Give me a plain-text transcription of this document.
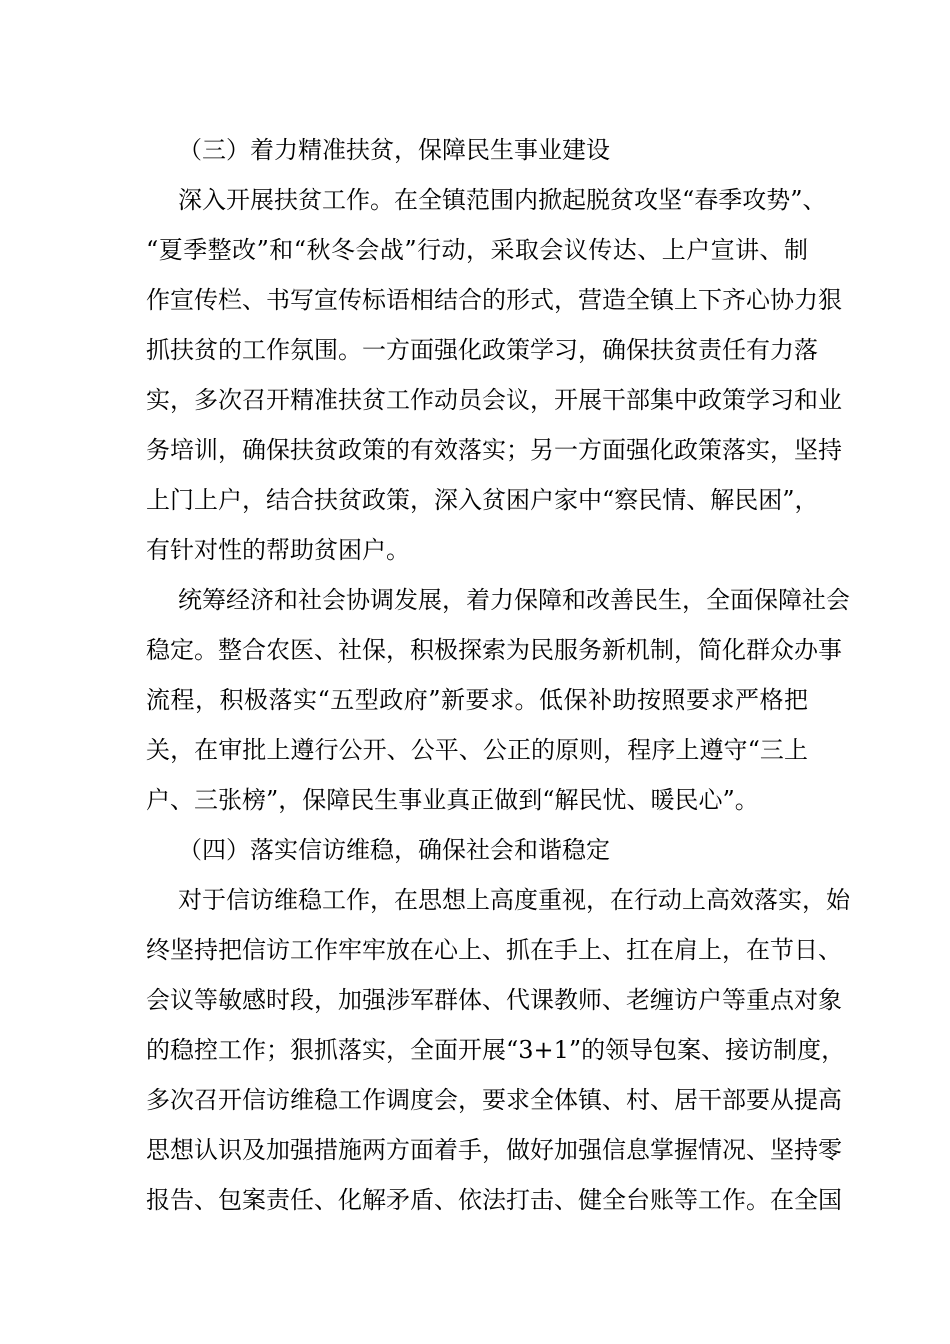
（三）着力精准扶贫，保障民生事业建设
深入开展扶贫工作。在全镇范围内掀起脱贫攻坚“春季攻势”、
“夏季整改”和“秋冬会战”行动，采取会议传达、上户宣讲、制
作宣传栏、书写宣传标语相结合的形式，营造全镇上下齐心协力狠
抓扶贫的工作氛围。一方面强化政策学习，确保扶贫责任有力落
实，多次召开精准扶贫工作动员会议，开展干部集中政策学习和业
务培训，确保扶贫政策的有效落实；另一方面强化政策落实，坚持
上门上户，结合扶贫政策，深入贫困户家中“察民情、解民困”，
有针对性的帮助贫困户。
统筹经济和社会协调发展，着力保障和改善民生，全面保障社会
稳定。整合农医、社保，积极探索为民服务新机制，简化群众办事
流程，积极落实“五型政府”新要求。低保补助按照要求严格把
关，在审批上遵行公开、公平、公正的原则，程序上遵守“三上
户、三张榜”，保障民生事业真正做到“解民忧、暖民心”。
（四）落实信访维稳，确保社会和谐稳定
对于信访维稳工作，在思想上高度重视，在行动上高效落实，始
终坚持把信访工作牢牢放在心上、抓在手上、扛在肩上，在节日、
会议等敏感时段，加强涉军群体、代课教师、老缠访户等重点对象
的稳控工作；狠抓落实，全面开展“3+1”的领导包案、接访制度，
多次召开信访维稳工作调度会，要求全体镇、村、居干部要从提高
思想认识及加强措施两方面着手，做好加强信息掌握情况、坚持零
报告、包案责任、化解矛盾、依法打击、健全台账等工作。在全国
